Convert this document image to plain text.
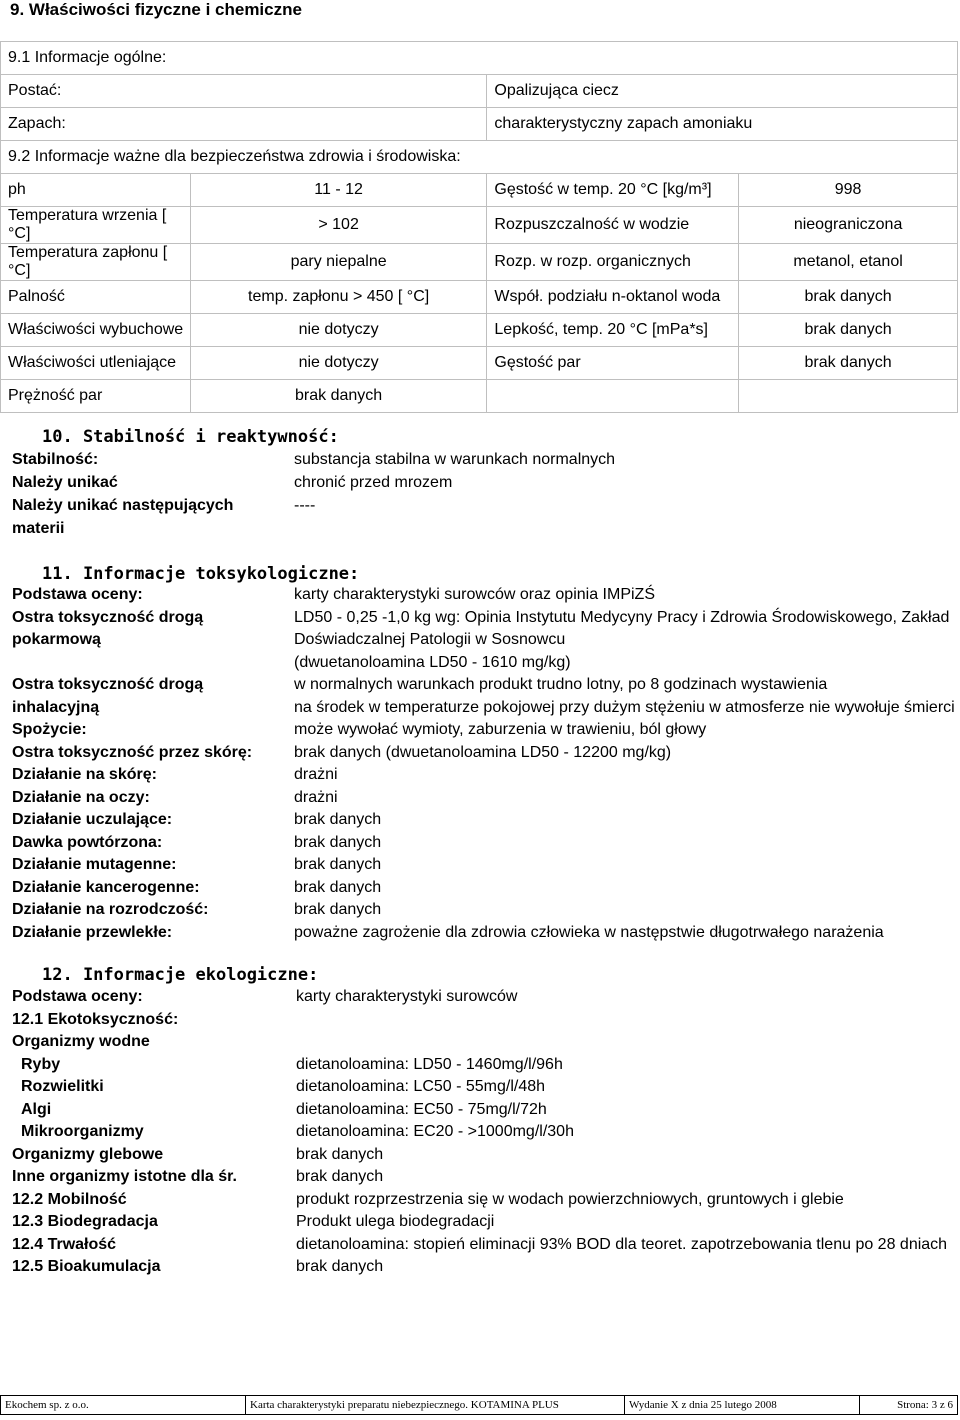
9. Właściwości fizyczne i chemiczne
9.1 Informacje ogólne:			
Postać:		Opalizująca ciecz	
Zapach:		charakterystyczny zapach amoniaku	
9.2 Informacje ważne dla bezpieczeństwa zdrowia i środowiska:			
ph	11 - 12	Gęstość w temp. 20 °C [kg/m³]	998
Temperatura wrzenia [ °C]	> 102	Rozpuszczalność w wodzie	nieograniczona
Temperatura zapłonu [ °C]	pary niepalne	Rozp. w rozp. organicznych	metanol, etanol
Palność	temp. zapłonu > 450 [ °C]	Współ. podziału n-oktanol woda	brak danych
Właściwości wybuchowe	nie dotyczy	Lepkość, temp. 20 °C [mPa*s]	brak danych
Właściwości utleniające	nie dotyczy	Gęstość par	brak danych
Prężność par	brak danych		
10. Stabilność i reaktywność:
Stabilność:	substancja stabilna w warunkach normalnych
Należy unikać	chronić przed mrozem
Należy unikać następujących	----
materii
11. Informacje toksykologiczne:
Podstawa oceny:	karty charakterystyki surowców oraz opinia IMPiZŚ
Ostra toksyczność drogą	LD50 - 0,25 -1,0 kg wg: Opinia Instytutu Medycyny Pracy i Zdrowia Środowiskowego, Zakład
pokarmową	Doświadczalnej Patologii w Sosnowcu
(dwuetanoloamina LD50 - 1610 mg/kg)
Ostra toksyczność drogą	w normalnych warunkach produkt trudno lotny, po 8 godzinach wystawienia
inhalacyjną	na środek w temperaturze pokojowej przy dużym stężeniu w atmosferze nie wywołuje śmierci
Spożycie:	może wywołać wymioty, zaburzenia w trawieniu, ból głowy
Ostra toksyczność przez skórę:	brak danych (dwuetanoloamina LD50 - 12200 mg/kg)
Działanie na skórę:	drażni
Działanie na oczy:	drażni
Działanie uczulające:	brak danych
Dawka powtórzona:	brak danych
Działanie mutagenne:	brak danych
Działanie kancerogenne:	brak danych
Działanie na rozrodczość:	brak danych
Działanie przewlekłe:	poważne zagrożenie dla zdrowia człowieka w następstwie długotrwałego narażenia
12. Informacje ekologiczne:
Podstawa oceny:	karty charakterystyki surowców
12.1 Ekotoksyczność:
Organizmy wodne
Ryby	dietanoloamina: LD50 - 1460mg/l/96h
Rozwielitki	dietanoloamina: LC50 - 55mg/l/48h
Algi	dietanoloamina: EC50 - 75mg/l/72h
Mikroorganizmy	dietanoloamina: EC20 - >1000mg/l/30h
Organizmy glebowe	brak danych
Inne organizmy istotne dla śr.	brak danych
12.2 Mobilność	produkt rozprzestrzenia się w wodach powierzchniowych, gruntowych i glebie
12.3 Biodegradacja	Produkt ulega biodegradacji
12.4 Trwałość	dietanoloamina: stopień eliminacji 93% BOD dla teoret. zapotrzebowania tlenu po 28 dniach
12.5 Bioakumulacja	brak danych
Ekochem sp. z o.o.	Karta charakterystyki preparatu niebezpiecznego. KOTAMINA PLUS	Wydanie X z dnia 25 lutego 2008	Strona: 3 z 6
